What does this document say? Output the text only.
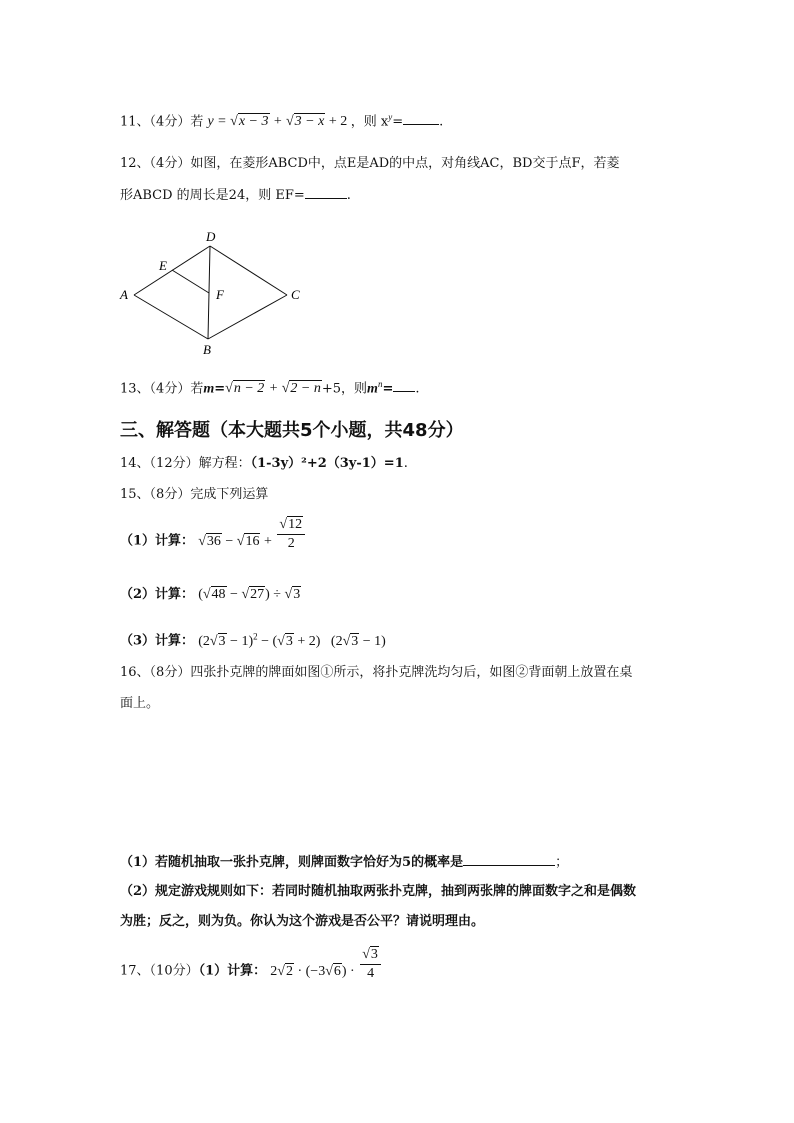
11、（4分）若 y = √x − 3 + √3 − x + 2 ，则 $x^y=$	.
12、（4分）如图，在菱形ABCD中，点E是AD的中点，对角线AC，BD交于点F，若菱
形ABCD 的周长是24，则 EF=	.
A
D
C
B
E
F
13、（4分）若m=√n − 2 + √2 − n+5，则$m^n=$ .
三、解答题（本大题共5个小题，共48分）
14、（12分）解方程：（1-3y）²+2（3y-1）=1.
15、（8分）完成下列运算
（1）计算： $√36 - √16 + \frac{√12}{2}$
（2）计算： (√48 − √27) ÷ √3
（3）计算： $(2√3 - 1)^2 - (√3 + 2)$   (2√3 − 1)
16、（8分）四张扑克牌的牌面如图①所示，将扑克牌洗均匀后，如图②背面朝上放置在桌
面上。
（1）若随机抽取一张扑克牌，则牌面数字恰好为5的概率是	；
（2）规定游戏规则如下：若同时随机抽取两张扑克牌，抽到两张牌的牌面数字之和是偶数
为胜；反之，则为负。你认为这个游戏是否公平？请说明理由。
17、（10分）（1）计算： $2√2 \cdot (-3√6) \cdot \frac{√3}{4}$
